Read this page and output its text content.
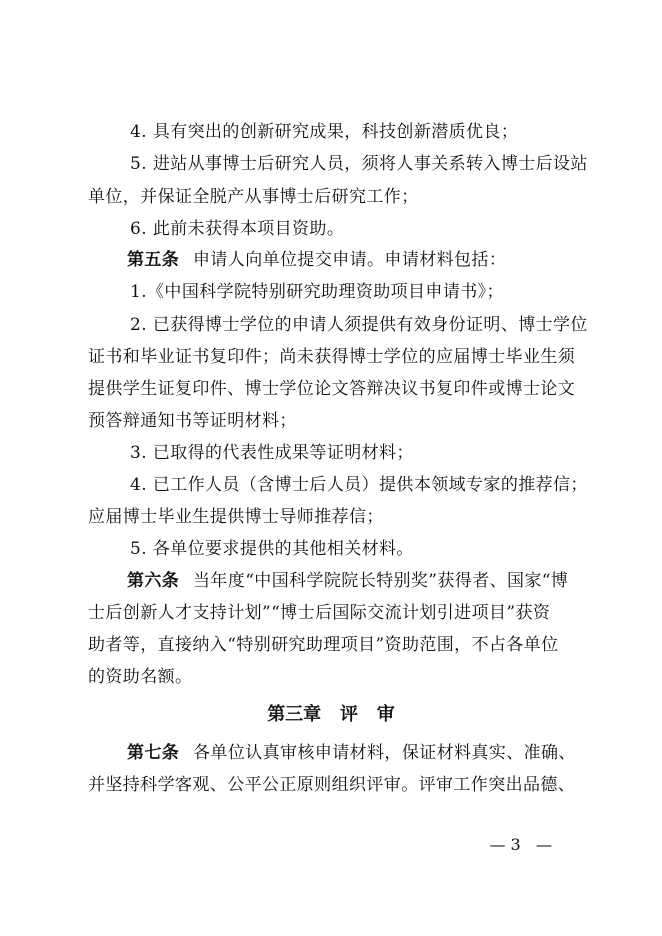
4. 具有突出的创新研究成果，科技创新潜质优良；
5. 进站从事博士后研究人员，须将人事关系转入博士后设站
单位，并保证全脱产从事博士后研究工作；
6. 此前未获得本项目资助。
第五条 申请人向单位提交申请。申请材料包括：
1.《中国科学院特别研究助理资助项目申请书》；
2. 已获得博士学位的申请人须提供有效身份证明、博士学位
证书和毕业证书复印件；尚未获得博士学位的应届博士毕业生须
提供学生证复印件、博士学位论文答辩决议书复印件或博士论文
预答辩通知书等证明材料；
3. 已取得的代表性成果等证明材料；
4. 已工作人员（含博士后人员）提供本领域专家的推荐信；
应届博士毕业生提供博士导师推荐信；
5. 各单位要求提供的其他相关材料。
第六条 当年度“中国科学院院长特别奖”获得者、国家“博
士后创新人才支持计划”“博士后国际交流计划引进项目”获资
助者等，直接纳入“特别研究助理项目”资助范围，不占各单位
的资助名额。
第三章   评   审
第七条 各单位认真审核申请材料，保证材料真实、准确、
并坚持科学客观、公平公正原则组织评审。评审工作突出品德、
— 3   —
